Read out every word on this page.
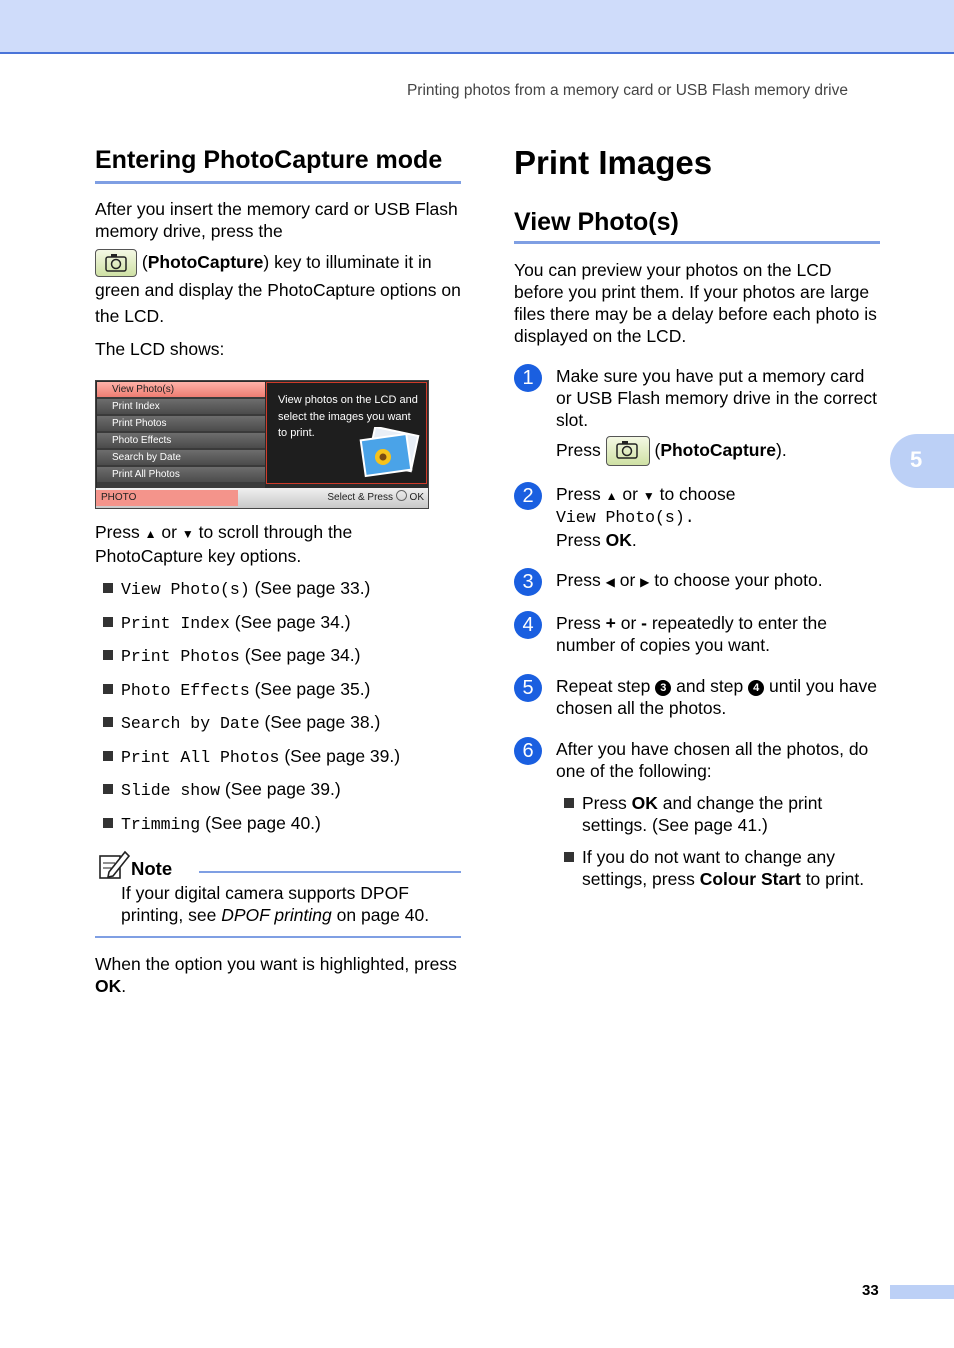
Printing photos from a memory card or USB Flash memory drive
5
Entering PhotoCapture mode

After you insert the memory card or USB Flash memory drive, press the

(PhotoCapture) key to illuminate it in green and display the PhotoCapture options on the LCD.

The LCD shows:

View Photo(s)
Print Index
Print Photos
Photo Effects
Search by Date
Print All Photos
View photos on the LCD and select the images you want to print.
PHOTO	Select & Press OK

Press ▲ or ▼ to scroll through the PhotoCapture key options.

View Photo(s) (See page 33.)
Print Index (See page 34.)
Print Photos (See page 34.)
Photo Effects (See page 35.)
Search by Date (See page 38.)
Print All Photos (See page 39.)
Slide show (See page 39.)
Trimming (See page 40.)
Note

If your digital camera supports DPOF printing, see DPOF printing on page 40.

When the option you want is highlighted, press OK.

Print Images
View Photo(s)

You can preview your photos on the LCD before you print them. If your photos are large files there may be a delay before each photo is displayed on the LCD.

1	Make sure you have put a memory card or USB Flash memory drive in the correct slot.

Press	(PhotoCapture).

2	Press ▲ or ▼ to choose

View Photo(s).

Press OK.

3	Press ◀ or ▶ to choose your photo.

4	Press + or - repeatedly to enter the number of copies you want.

5	Repeat step 3 and step 4 until you have chosen all the photos.

6	After you have chosen all the photos, do one of the following:

Press OK and change the print settings. (See page 41.)
If you do not want to change any settings, press Colour Start to print.
33
